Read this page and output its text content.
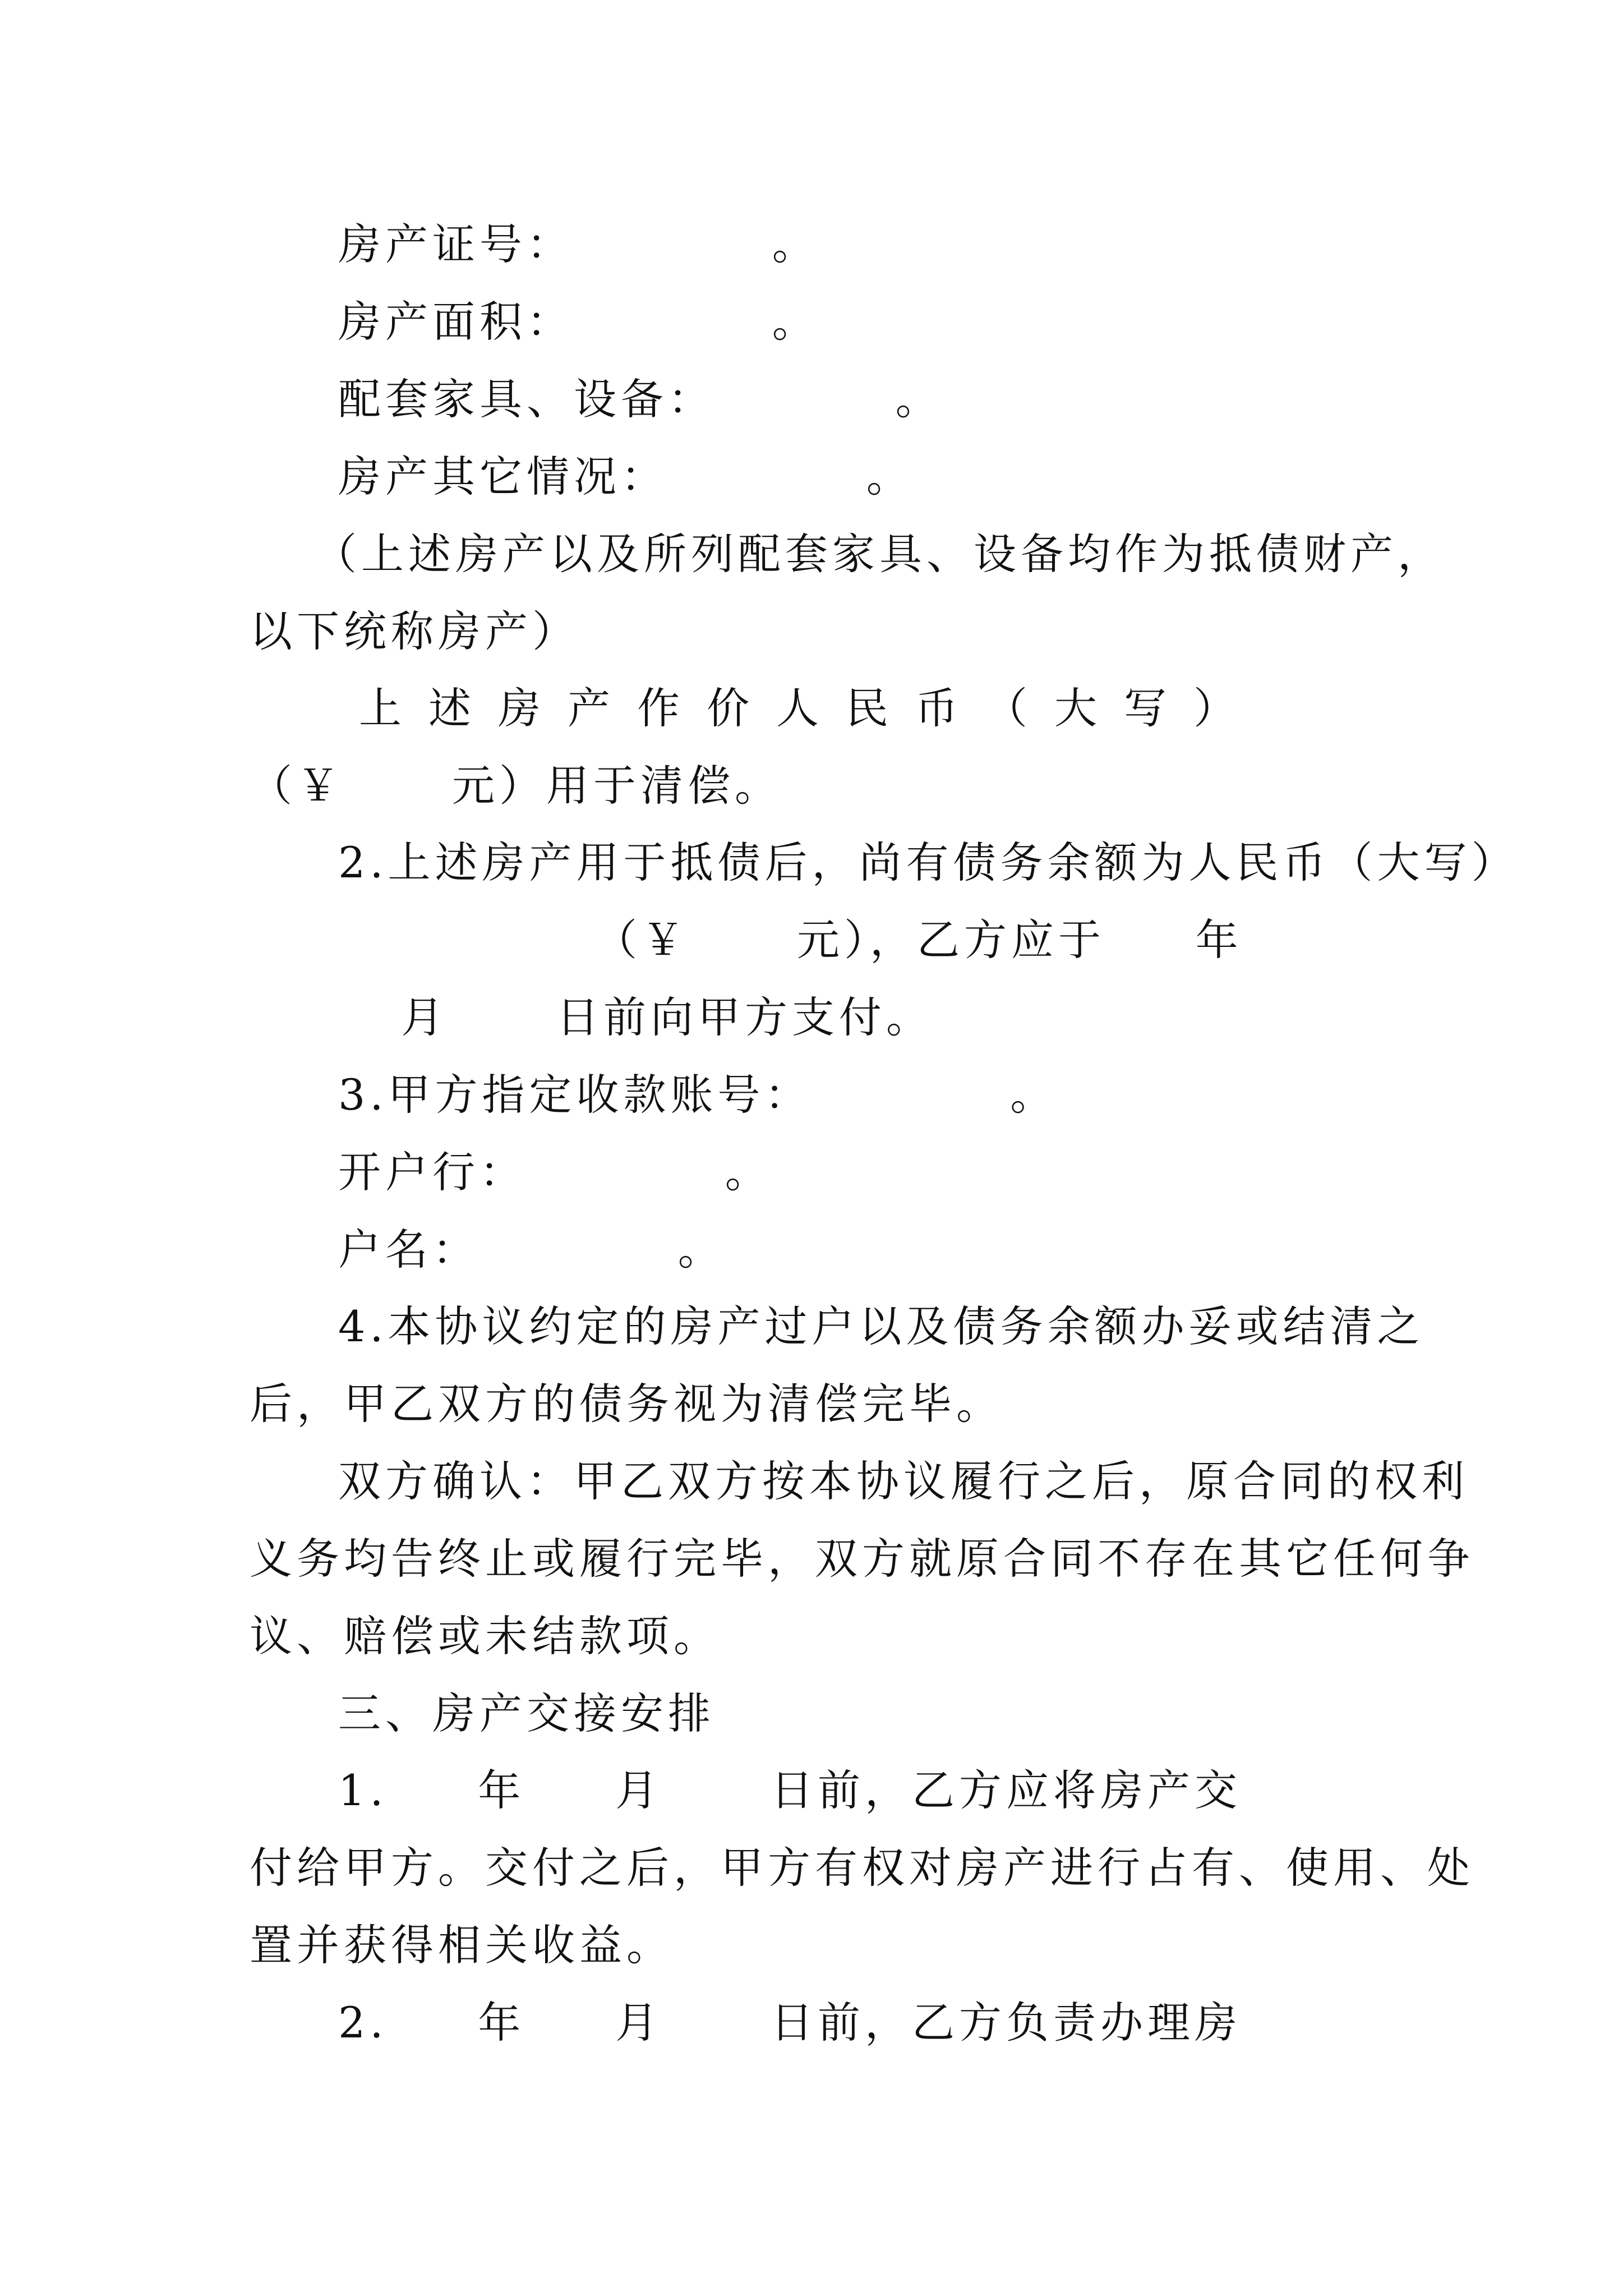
房产证号：           。
房产面积：           。
配套家具、设备：          。
房产其它情况：           。
（上述房产以及所列配套家具、设备均作为抵债财产，
以下统称房产）
上述房产作价人民币（大写）
（￥      元）用于清偿。
2.上述房产用于抵债后，尚有债务余额为人民币（大写）
（￥      元），乙方应于     年
月      日前向甲方支付。
3.甲方指定收款账号：           。
开户行：           。
户名：           。
4.本协议约定的房产过户以及债务余额办妥或结清之
后，甲乙双方的债务视为清偿完毕。
双方确认：甲乙双方按本协议履行之后，原合同的权利
义务均告终止或履行完毕，双方就原合同不存在其它任何争
议、赔偿或未结款项。
三、房产交接安排
1.     年     月      日前，乙方应将房产交
付给甲方。交付之后，甲方有权对房产进行占有、使用、处
置并获得相关收益。
2.     年     月      日前，乙方负责办理房
